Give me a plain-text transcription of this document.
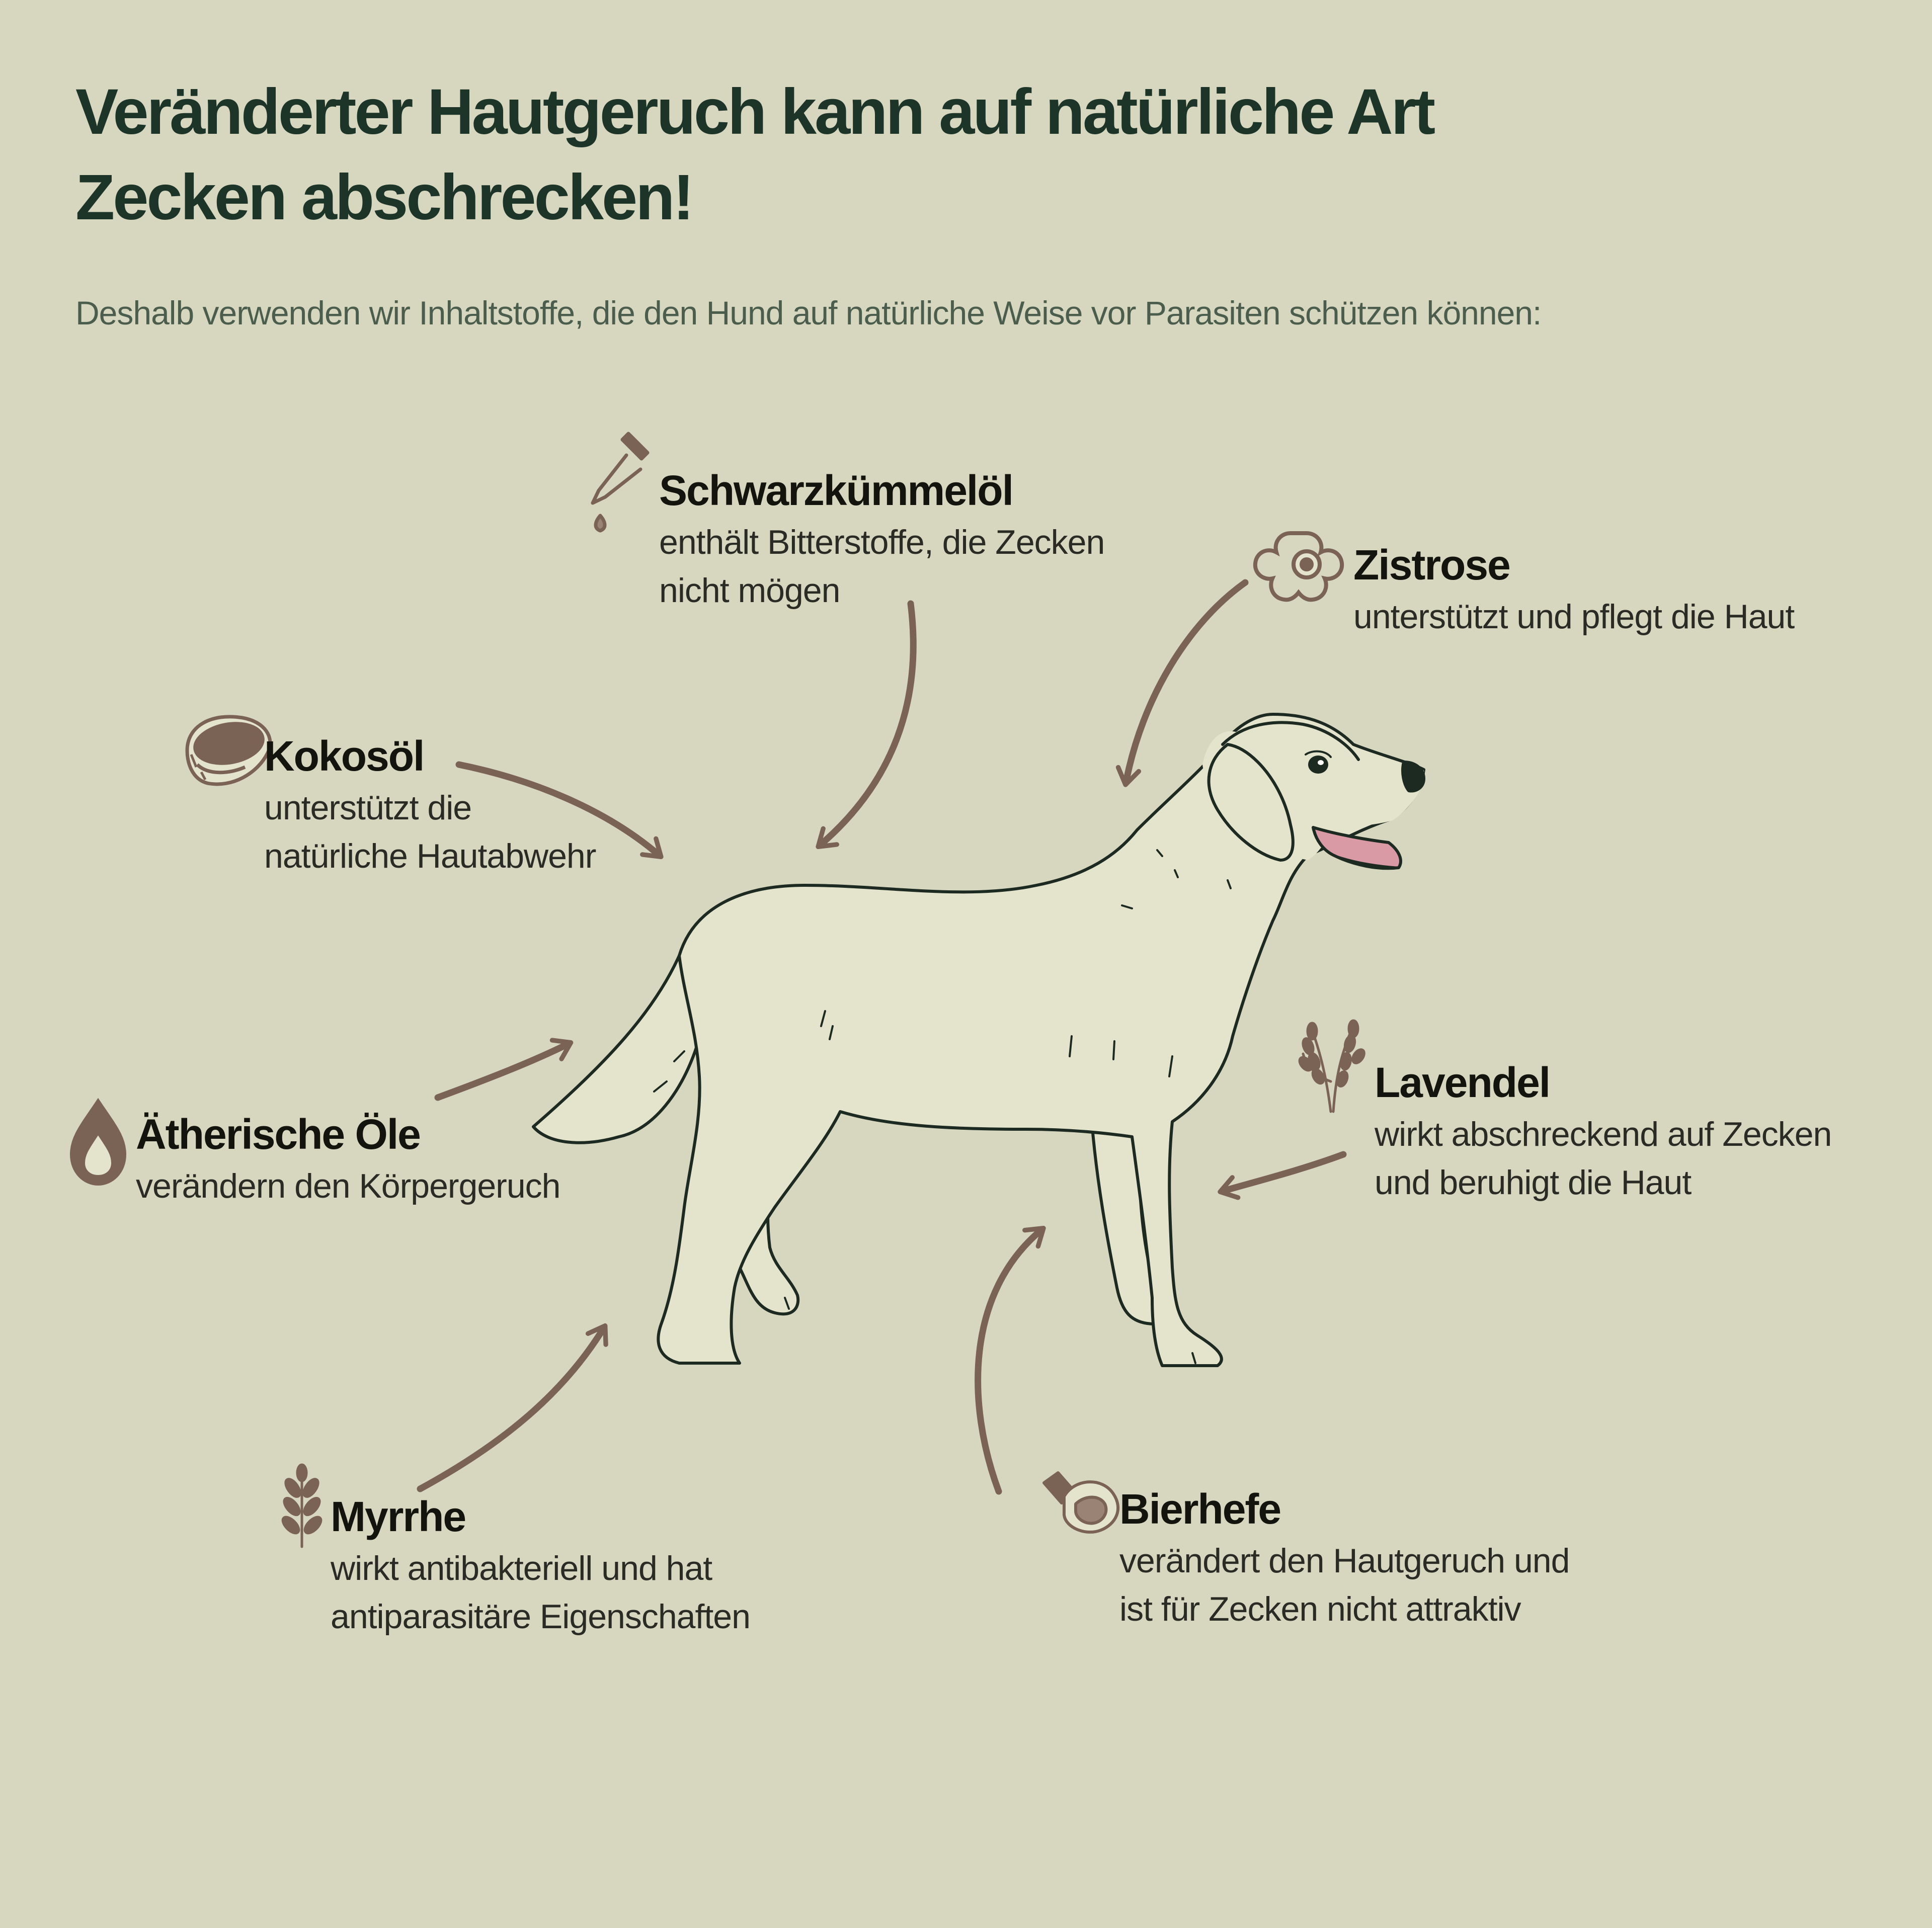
Veränderter Hautgeruch kann auf natürliche Art
Zecken abschrecken!

Deshalb verwenden wir Inhaltstoffe, die den Hund auf natürliche Weise vor Parasiten schützen können:

Schwarzkümmelöl
enthält Bitterstoffe, die Zecken
nicht mögen
Zistrose
unterstützt und pflegt die Haut
Kokosöl
unterstützt die
natürliche Hautabwehr
Ätherische Öle
verändern den Körpergeruch
Lavendel
wirkt abschreckend auf Zecken
und beruhigt die Haut
Myrrhe
wirkt antibakteriell und hat
antiparasitäre Eigenschaften
Bierhefe
verändert den Hautgeruch und
ist für Zecken nicht attraktiv
